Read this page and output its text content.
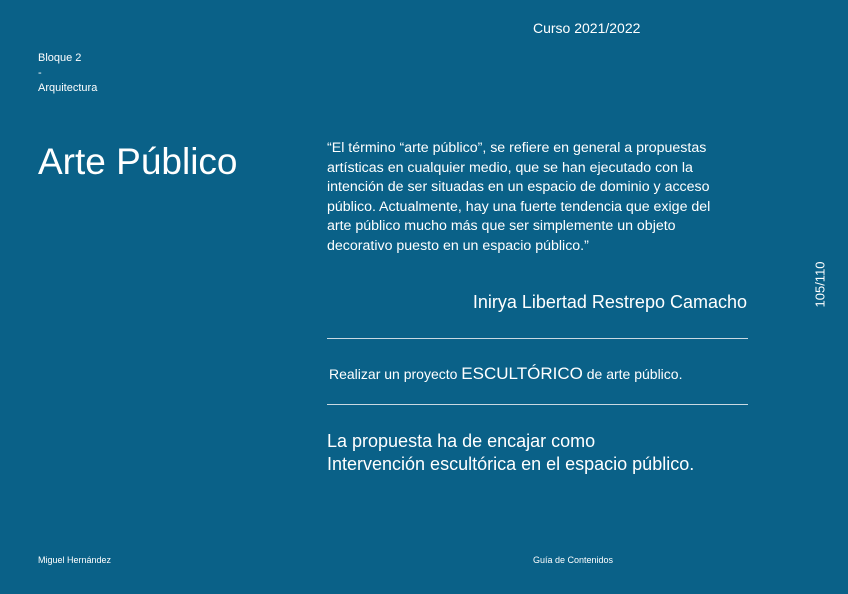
Curso 2021/2022
Bloque 2
-
Arquitectura
Arte Público	“El término “arte público”, se refiere en general a propuestas artísticas en cualquier medio, que se han ejecutado con la intención de ser situadas en un espacio de dominio y acceso público. Actualmente, hay una fuerte tendencia que exige del arte público mucho más que ser simplemente un objeto decorativo puesto en un espacio público.”

Inirya Libertad Restrepo Camacho
Realizar un proyecto ESCULTÓRICO de arte público.
La propuesta ha de encajar como
Intervención escultórica en el espacio público.
105/110
Miguel Hernández	Guía de Contenidos
